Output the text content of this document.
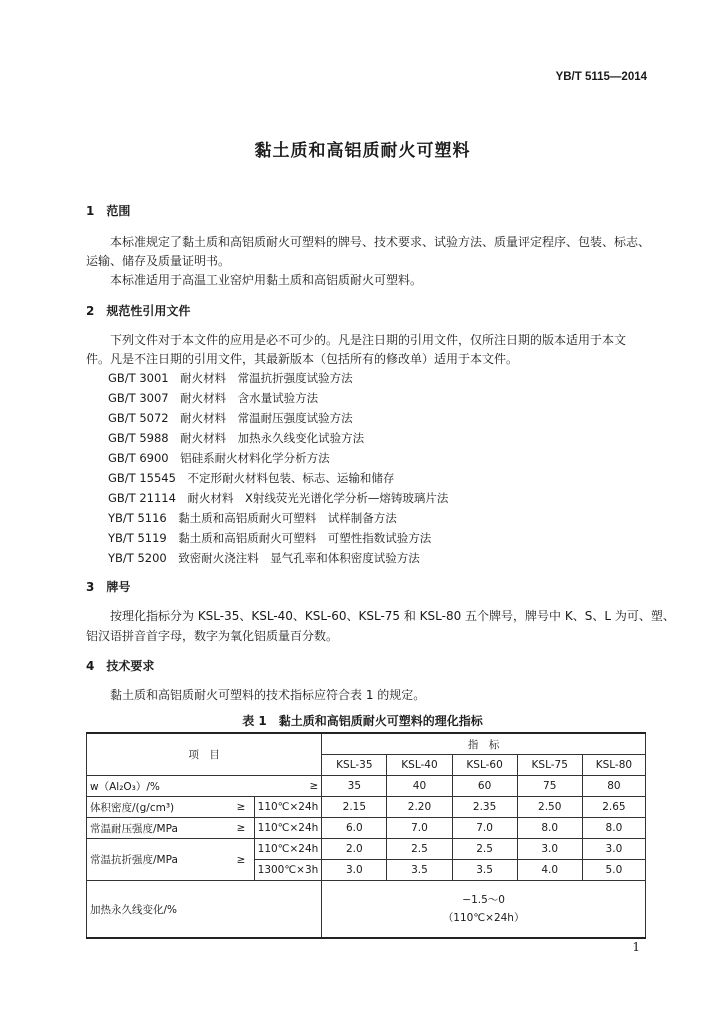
YB/T 5115—2014
黏土质和高铝质耐火可塑料
1　范围
本标准规定了黏土质和高铝质耐火可塑料的牌号、技术要求、试验方法、质量评定程序、包装、标志、
运输、储存及质量证明书。
本标准适用于高温工业窑炉用黏土质和高铝质耐火可塑料。
2　规范性引用文件
下列文件对于本文件的应用是必不可少的。凡是注日期的引用文件，仅所注日期的版本适用于本文
件。凡是不注日期的引用文件，其最新版本（包括所有的修改单）适用于本文件。
GB/T 3001　耐火材料　常温抗折强度试验方法
GB/T 3007　耐火材料　含水量试验方法
GB/T 5072　耐火材料　常温耐压强度试验方法
GB/T 5988　耐火材料　加热永久线变化试验方法
GB/T 6900　铝硅系耐火材料化学分析方法
GB/T 15545　不定形耐火材料包装、标志、运输和储存
GB/T 21114　耐火材料　X射线荧光光谱化学分析—熔铸玻璃片法
YB/T 5116　黏土质和高铝质耐火可塑料　试样制备方法
YB/T 5119　黏土质和高铝质耐火可塑料　可塑性指数试验方法
YB/T 5200　致密耐火浇注料　显气孔率和体积密度试验方法
3　牌号
按理化指标分为 KSL-35、KSL-40、KSL-60、KSL-75 和 KSL-80 五个牌号，牌号中 K、S、L 为可、塑、
铝汉语拼音首字母，数字为氧化铝质量百分数。
4　技术要求
黏土质和高铝质耐火可塑料的技术指标应符合表 1 的规定。
表 1　黏土质和高铝质耐火可塑料的理化指标
项　目			指　标				
			KSL-35	KSL-40	KSL-60	KSL-75	KSL-80
w（Al₂O₃）/%		≥	35	40	60	75	80
体积密度/(g/cm³)	≥	110℃×24h	2.15	2.20	2.35	2.50	2.65
常温耐压强度/MPa	≥	110℃×24h	6.0	7.0	7.0	8.0	8.0
常温抗折强度/MPa	≥	110℃×24h	2.0	2.5	2.5	3.0	3.0
		1300℃×3h	3.0	3.5	3.5	4.0	5.0
加热永久线变化/%			−1.5～0
（110℃×24h）				
1
